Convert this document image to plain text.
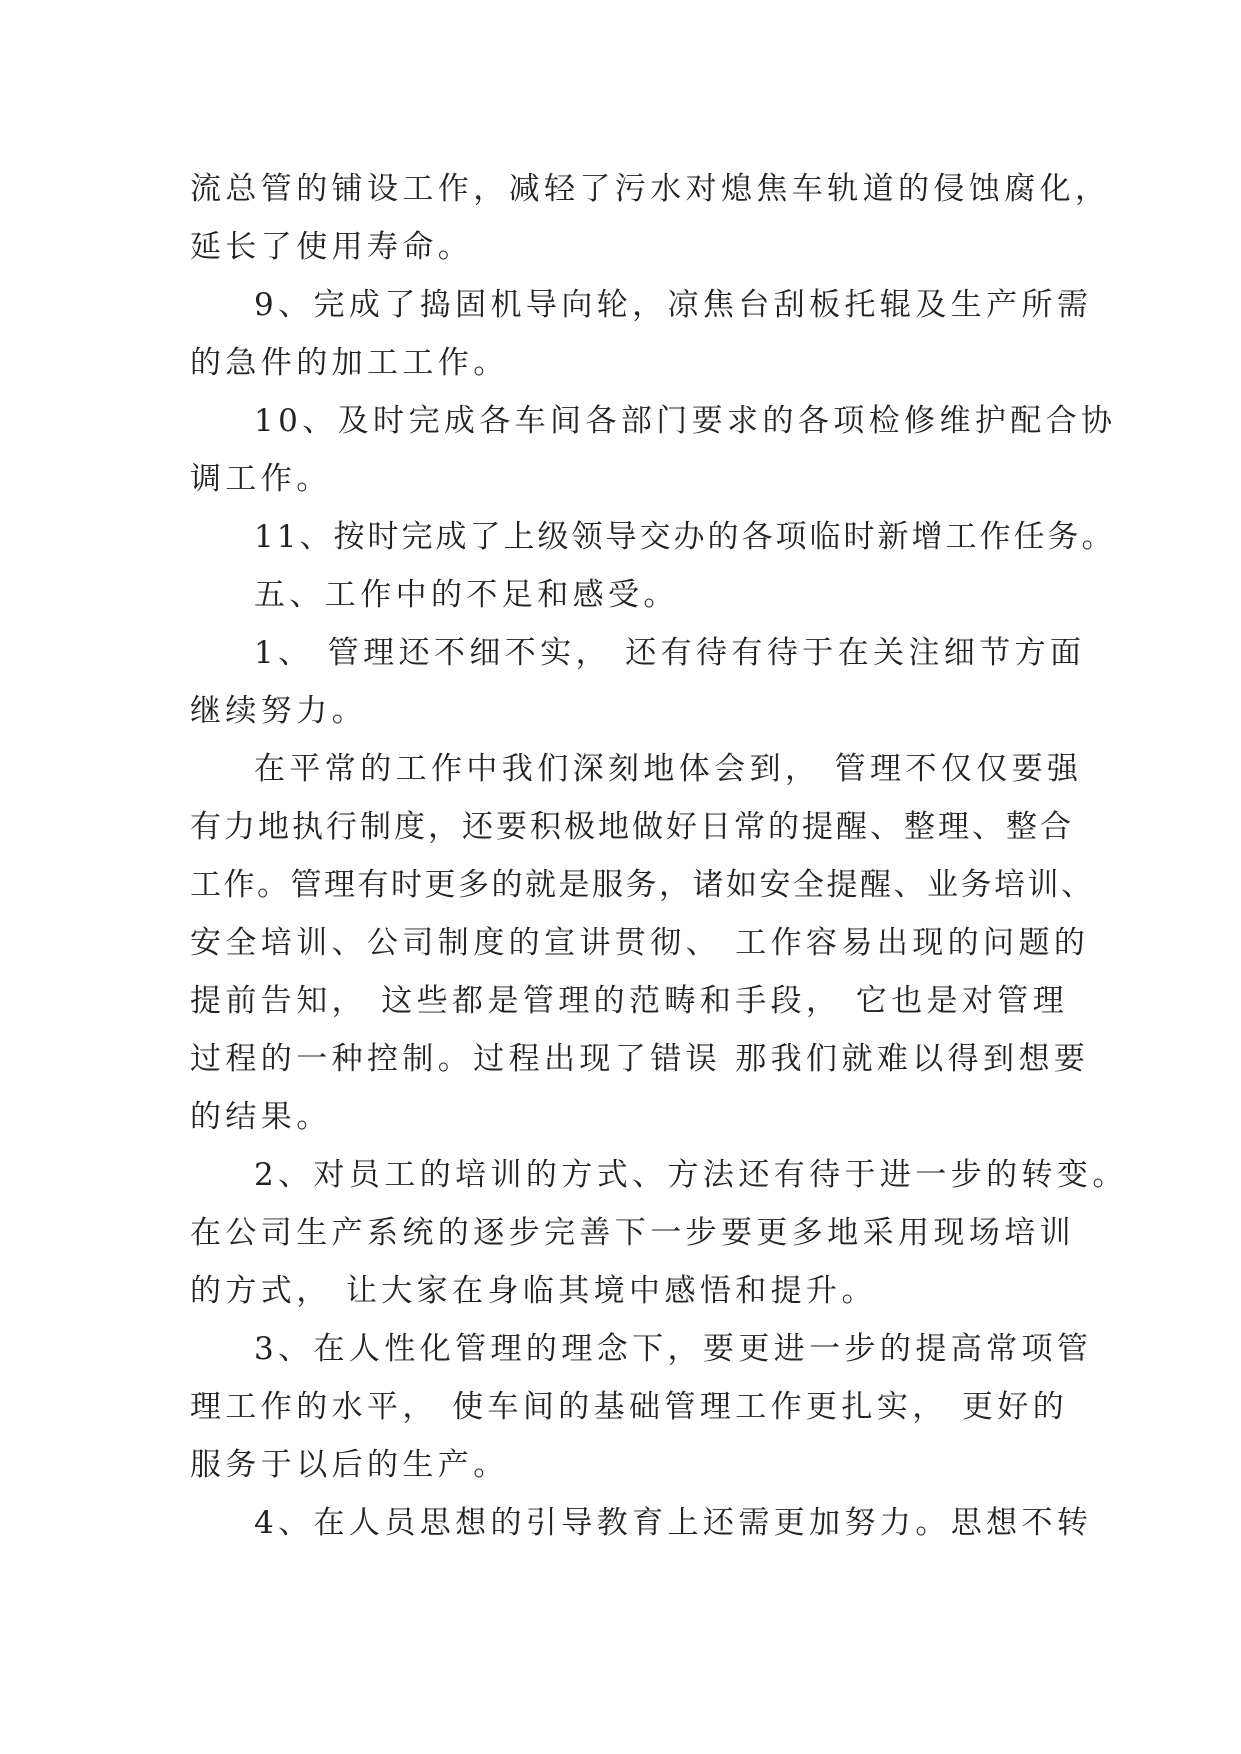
流总管的铺设工作，减轻了污水对熄焦车轨道的侵蚀腐化，
延长了使用寿命。
9、完成了捣固机导向轮，凉焦台刮板托辊及生产所需
的急件的加工工作。
10、及时完成各车间各部门要求的各项检修维护配合协
调工作。
11、按时完成了上级领导交办的各项临时新增工作任务。
五、工作中的不足和感受。
1、 管理还不细不实， 还有待有待于在关注细节方面
继续努力。
在平常的工作中我们深刻地体会到， 管理不仅仅要强
有力地执行制度，还要积极地做好日常的提醒、整理、整合
工作。管理有时更多的就是服务，诸如安全提醒、业务培训、
安全培训、公司制度的宣讲贯彻、 工作容易出现的问题的
提前告知， 这些都是管理的范畴和手段， 它也是对管理
过程的一种控制。过程出现了错误 那我们就难以得到想要
的结果。
2、对员工的培训的方式、方法还有待于进一步的转变。
在公司生产系统的逐步完善下一步要更多地采用现场培训
的方式， 让大家在身临其境中感悟和提升。
3、在人性化管理的理念下，要更进一步的提高常项管
理工作的水平， 使车间的基础管理工作更扎实， 更好的
服务于以后的生产。
4、在人员思想的引导教育上还需更加努力。思想不转
